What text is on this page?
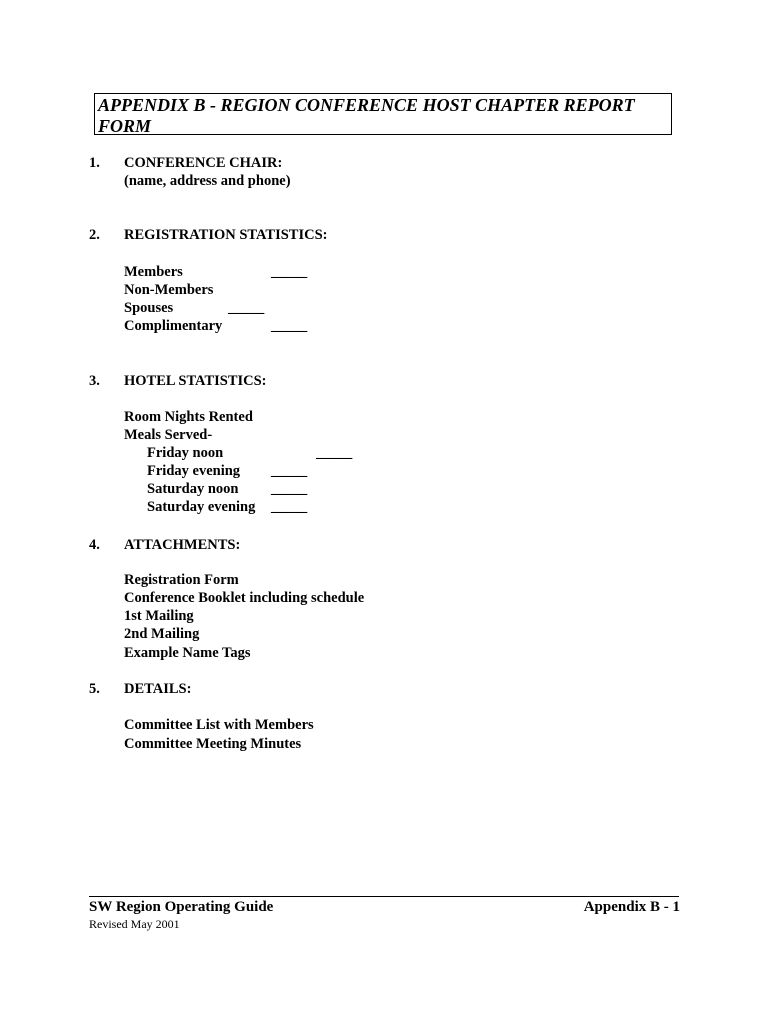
APPENDIX B - REGION CONFERENCE HOST CHAPTER REPORT FORM
1. CONFERENCE CHAIR:
(name, address and phone)
2. REGISTRATION STATISTICS:
Members	_____
Non-Members
Spouses	_____
Complimentary	_____
3. HOTEL STATISTICS:
Room Nights Rented
Meals Served-
Friday noon	_____
Friday evening _____
Saturday noon _____
Saturday evening _____
4. ATTACHMENTS:
Registration Form
Conference Booklet including schedule
1st Mailing
2nd Mailing
Example Name Tags
5. DETAILS:
Committee List with Members
Committee Meeting Minutes
SW Region Operating Guide	Appendix B - 1
Revised May 2001
